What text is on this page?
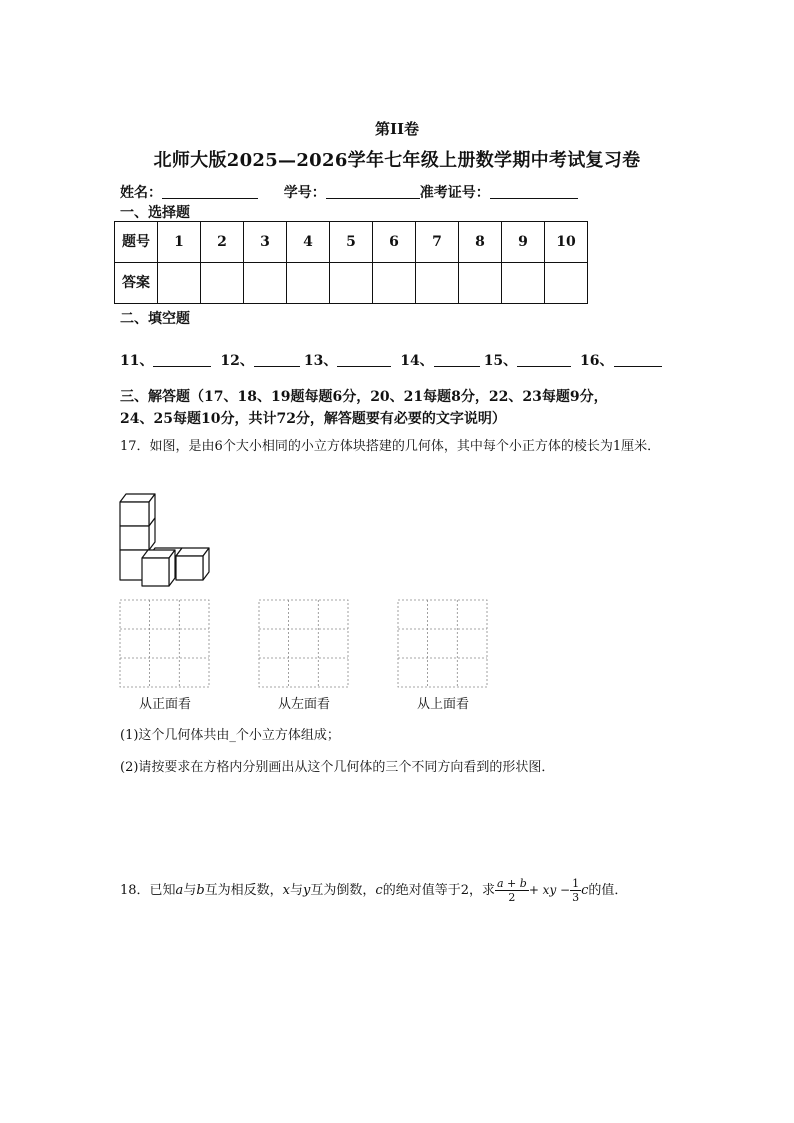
第II卷
北师大版2025—2026学年七年级上册数学期中考试复习卷
姓名：	学号：	准考证号：
一、选择题
题号	1	2	3	4	5	6	7	8	9	10
答案										
二、填空题
11、	12、	13、	14、	15、	16、
三、解答题（17、18、19题每题6分，20、21每题8分，22、23每题9分，
24、25每题10分，共计72分，解答题要有必要的文字说明）
17．如图，是由6个大小相同的小立方体块搭建的几何体，其中每个小正方体的棱长为1厘米．
从正面看	从左面看	从上面看
(1)这个几何体共由_个小立方体组成；
(2)请按要求在方格内分别画出从这个几何体的三个不同方向看到的形状图．
18．已知a与b互为相反数，x与y互为倒数，c的绝对值等于2，求 $\frac{a + b}{2}$ + xy − $\frac{1}{3}$ c的值．
